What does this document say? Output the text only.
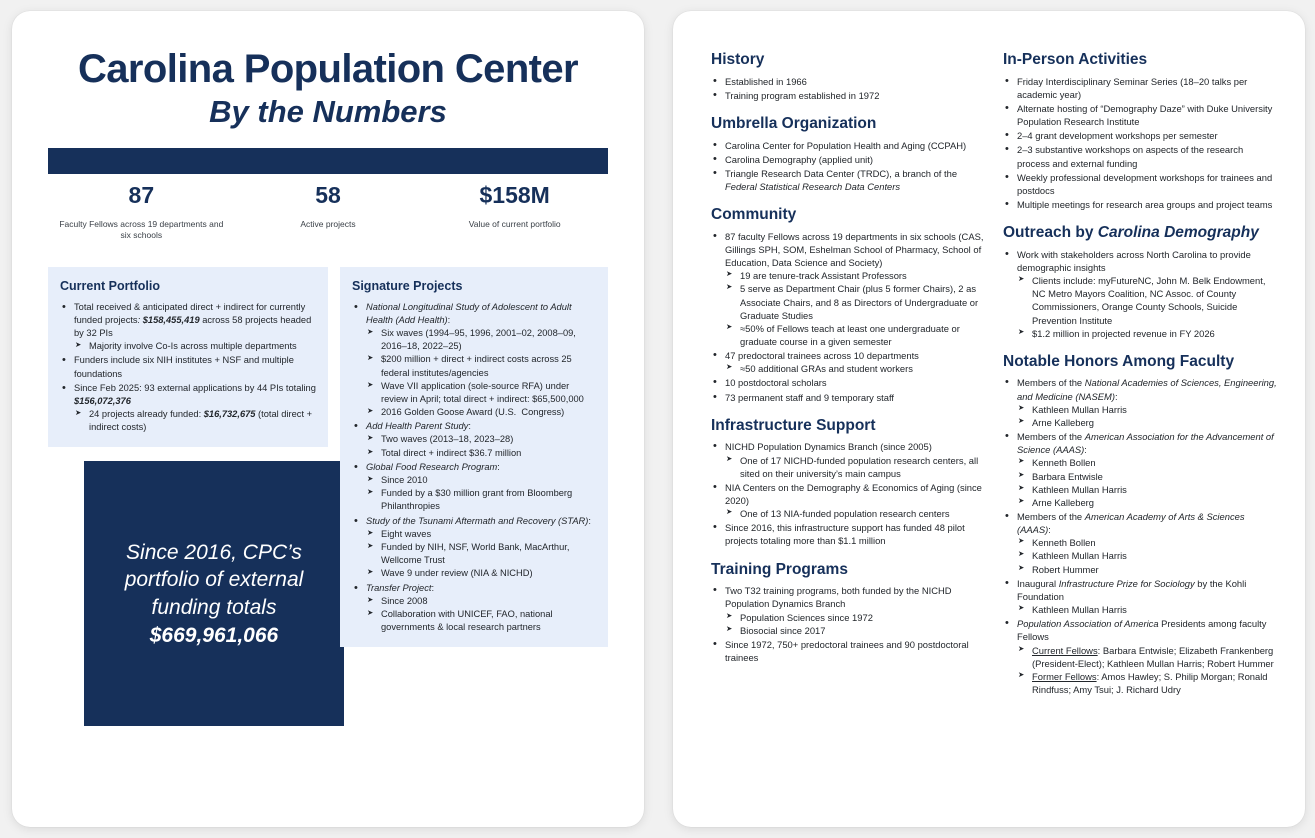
Carolina Population Center
By the Numbers
87
Faculty Fellows across 19 departments and six schools
58
Active projects
$158M
Value of current portfolio
Current Portfolio
• Total received & anticipated direct + indirect for currently funded projects: $158,455,419 across 58 projects headed by 32 PIs
➤ Majority involve Co-Is across multiple departments
• Funders include six NIH institutes + NSF and multiple foundations
• Since Feb 2025: 93 external applications by 44 PIs totaling $156,072,376
➤ 24 projects already funded: $16,732,675 (total direct + indirect costs)
Since 2016, CPC’s
portfolio of external
funding totals
$669,961,066
Signature Projects
• National Longitudinal Study of Adolescent to Adult Health (Add Health):
➤ Six waves (1994–95, 1996, 2001–02, 2008–09, 2016–18, 2022–25)
➤ $200 million + direct + indirect costs across 25 federal institutes/agencies
➤ Wave VII application (sole-source RFA) under review in April; total direct + indirect: $65,500,000
➤ 2016 Golden Goose Award (U.S.  Congress)
• Add Health Parent Study:
➤ Two waves (2013–18, 2023–28)
➤ Total direct + indirect $36.7 million
• Global Food Research Program:
➤ Since 2010
➤ Funded by a $30 million grant from Bloomberg Philanthropies
• Study of the Tsunami Aftermath and Recovery (STAR):
➤ Eight waves
➤ Funded by NIH, NSF, World Bank, MacArthur, Wellcome Trust
➤ Wave 9 under review (NIA & NICHD)
• Transfer Project:
➤ Since 2008
➤ Collaboration with UNICEF, FAO, national governments & local research partners
History
• Established in 1966
• Training program established in 1972
Umbrella Organization
• Carolina Center for Population Health and Aging (CCPAH)
• Carolina Demography (applied unit)
• Triangle Research Data Center (TRDC), a branch of the Federal Statistical Research Data Centers
Community
• 87 faculty Fellows across 19 departments in six schools (CAS, Gillings SPH, SOM, Eshelman School of Pharmacy, School of Education, Data Science and Society)
➤ 19 are tenure-track Assistant Professors
➤ 5 serve as Department Chair (plus 5 former Chairs), 2 as Associate Chairs, and 8 as Directors of Undergraduate or Graduate Studies
➤ ≈50% of Fellows teach at least one undergraduate or graduate course in a given semester
• 47 predoctoral trainees across 10 departments
➤ ≈50 additional GRAs and student workers
• 10 postdoctoral scholars
• 73 permanent staff and 9 temporary staff
Infrastructure Support
• NICHD Population Dynamics Branch (since 2005)
➤ One of 17 NICHD-funded population research centers, all sited on their university’s main campus
• NIA Centers on the Demography & Economics of Aging (since 2020)
➤ One of 13 NIA-funded population research centers
• Since 2016, this infrastructure support has funded 48 pilot projects totaling more than $1.1 million
Training Programs
• Two T32 training programs, both funded by the NICHD Population Dynamics Branch
➤ Population Sciences since 1972
➤ Biosocial since 2017
• Since 1972, 750+ predoctoral trainees and 90 postdoctoral trainees
In-Person Activities
• Friday Interdisciplinary Seminar Series (18–20 talks per academic year)
• Alternate hosting of “Demography Daze” with Duke University Population Research Institute
• 2–4 grant development workshops per semester
• 2–3 substantive workshops on aspects of the research process and external funding
• Weekly professional development workshops for trainees and postdocs
• Multiple meetings for research area groups and project teams
Outreach by Carolina Demography
• Work with stakeholders across North Carolina to provide demographic insights
➤ Clients include: myFutureNC, John M. Belk Endowment, NC Metro Mayors Coalition, NC Assoc. of County Commissioners, Orange County Schools, Suicide Prevention Institute
➤ $1.2 million in projected revenue in FY 2026
Notable Honors Among Faculty
• Members of the National Academies of Sciences, Engineering, and Medicine (NASEM):
➤ Kathleen Mullan Harris
➤ Arne Kalleberg
• Members of the American Association for the Advancement of Science (AAAS):
➤ Kenneth Bollen
➤ Barbara Entwisle
➤ Kathleen Mullan Harris
➤ Arne Kalleberg
• Members of the American Academy of Arts & Sciences (AAAS):
➤ Kenneth Bollen
➤ Kathleen Mullan Harris
➤ Robert Hummer
• Inaugural Infrastructure Prize for Sociology by the Kohli Foundation
➤ Kathleen Mullan Harris
• Population Association of America Presidents among faculty Fellows
➤ Current Fellows: Barbara Entwisle; Elizabeth Frankenberg (President-Elect); Kathleen Mullan Harris; Robert Hummer
➤ Former Fellows: Amos Hawley; S. Philip Morgan; Ronald Rindfuss; Amy Tsui; J. Richard Udry
